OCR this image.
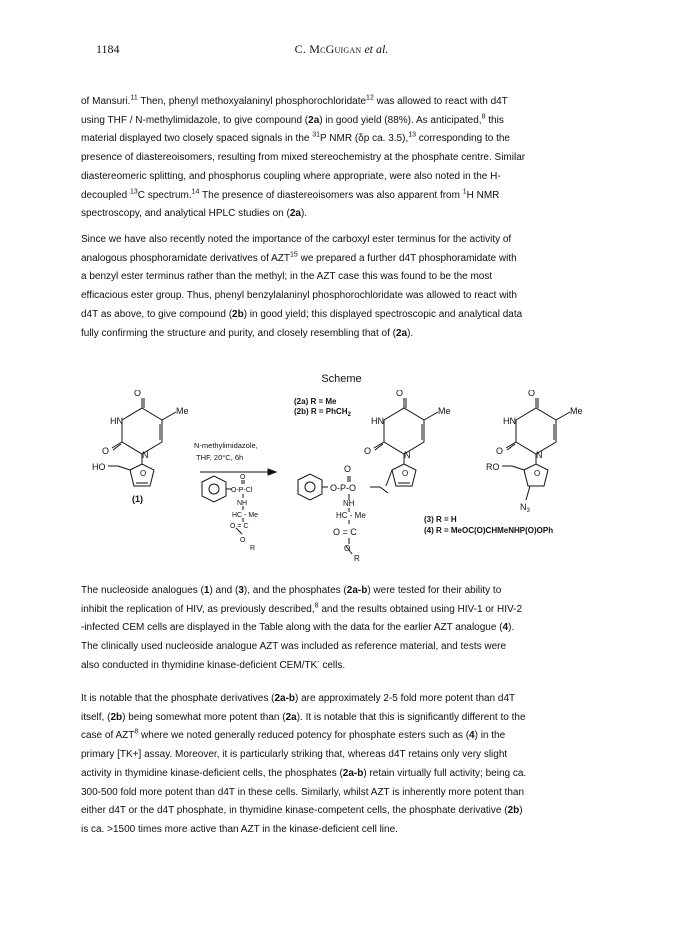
1184	C. McGuigan et al.
of Mansuri.$^{11}$ Then, phenyl methoxyalaninyl phosphorochloridate$^{12}$ was allowed to react with d4T
using THF / N-methylimidazole, to give compound (2a) in good yield (88%). As anticipated,$^8$ this
material displayed two closely spaced signals in the $^{31}$P NMR (δp ca. 3.5),$^{13}$ corresponding to the
presence of diastereoisomers, resulting from mixed stereochemistry at the phosphate centre. Similar
diastereomeric splitting, and phosphorus coupling where appropriate, were also noted in the H-
decoupled $^{13}$C spectrum.$^{14}$ The presence of diastereoisomers was also apparent from $^1$H NMR
spectroscopy, and analytical HPLC studies on (2a).
Since we have also recently noted the importance of the carboxyl ester terminus for the activity of
analogous phosphoramidate derivatives of AZT$^{15}$ we prepared a further d4T phosphoramidate with
a benzyl ester terminus rather than the methyl; in the AZT case this was found to be the most
efficacious ester group. Thus, phenyl benzylalaninyl phosphorochloridate was allowed to react with
d4T as above, to give compound (2b) in good yield; this displayed spectroscopic and analytical data
fully confirming the structure and purity, and closely resembling that of (2a).
Scheme
O
HN
Me
O	N
O
HO
(1)
N-methylimidazole,
THF, 20°C, 6h
O
O-P-Cl
NH
HC - Me
O = C
O
R
(2a) R = Me
(2b) R = PhCH$_2$
O
O-P-O
NH
HC - Me
O = C
O
R
O
HN
Me
O	N
O
O
HN
Me
O	N
O
RO
$N_3$
(3) R = H
(4) R = MeOC(O)CHMeNHP(O)OPh
The nucleoside analogues (1) and (3), and the phosphates (2a-b) were tested for their ability to
inhibit the replication of HIV, as previously described,$^8$ and the results obtained using HIV-1 or HIV-2
-infected CEM cells are displayed in the Table along with the data for the earlier AZT analogue (4).
The clinically used nucleoside analogue AZT was included as reference material, and tests were
also conducted in thymidine kinase-deficient CEM/TK- cells.
It is notable that the phosphate derivatives (2a-b) are approximately 2-5 fold more potent than d4T
itself, (2b) being somewhat more potent than (2a). It is notable that this is significantly different to the
case of AZT$^8$ where we noted generally reduced potency for phosphate esters such as (4) in the
primary [TK+] assay. Moreover, it is particularly striking that, whereas d4T retains only very slight
activity in thymidine kinase-deficient cells, the phosphates (2a-b) retain virtually full activity; being ca.
300-500 fold more potent than d4T in these cells. Similarly, whilst AZT is inherently more potent than
either d4T or the d4T phosphate, in thymidine kinase-competent cells, the phosphate derivative (2b)
is ca. >1500 times more active than AZT in the kinase-deficient cell line.
